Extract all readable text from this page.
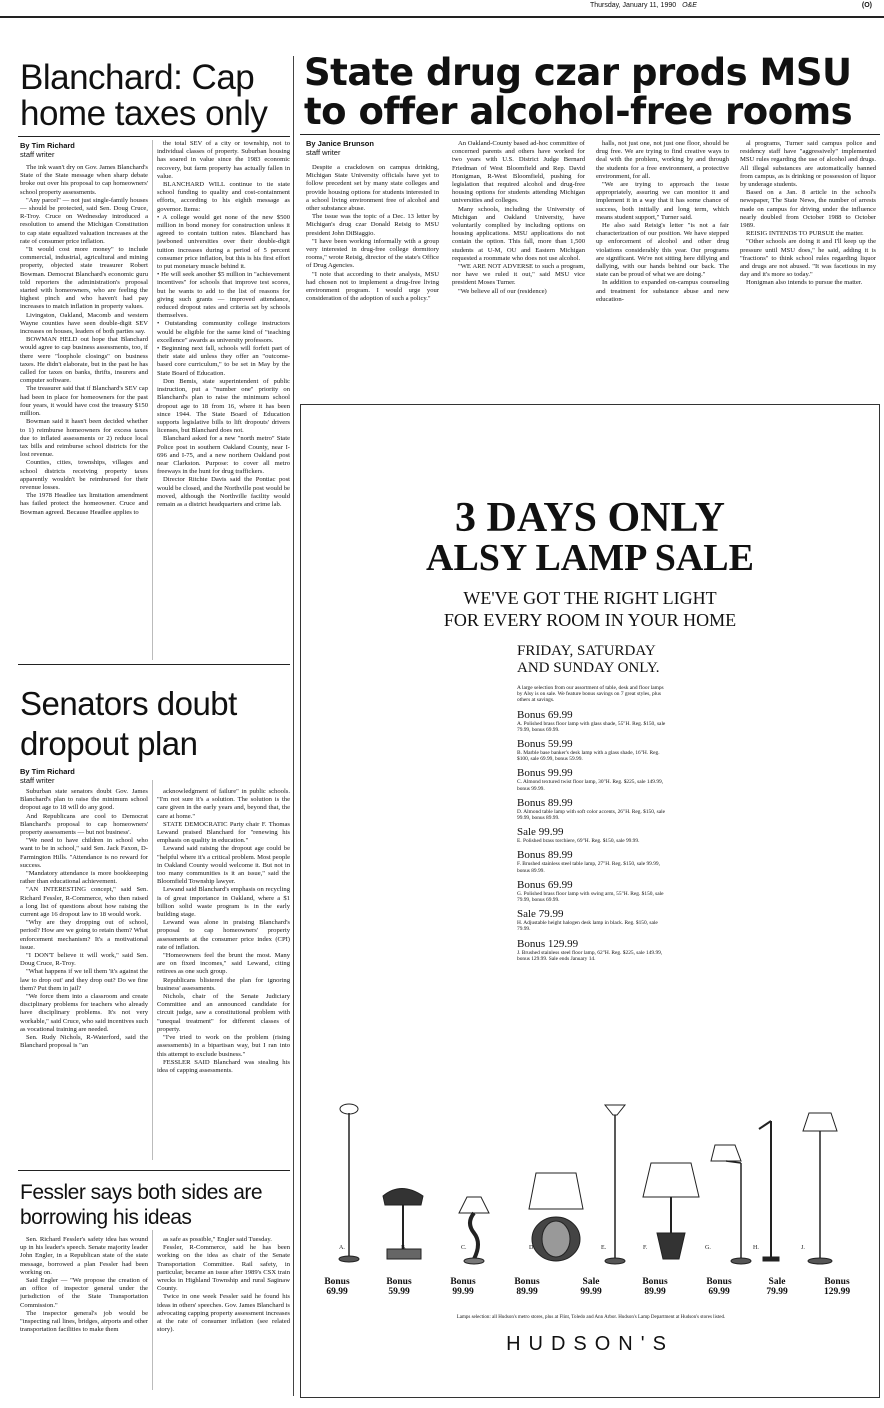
Thursday, January 11, 1990 O&E	(O)
Blanchard: Cap home taxes only
By Tim Richard
staff writer

The ink wasn't dry on Gov. James Blanchard's State of the State message when sharp debate broke out over his proposal to cap homeowners' school property assessments.

"Any parcel" — not just single-family houses — should be protected, said Sen. Doug Cruce, R-Troy. Cruce on Wednesday introduced a resolution to amend the Michigan Constitution to cap state equalized valuation increases at the rate of consumer price inflation.

"It would cost more money" to include commercial, industrial, agricultural and mining property, objected state treasurer Robert Bowman. Democrat Blanchard's economic guru told reporters the administration's proposal started with homeowners, who are feeling the highest pinch and who haven't had pay increases to match inflation in property values.

Livingston, Oakland, Macomb and western Wayne counties have seen double-digit SEV increases on houses, leaders of both parties say.

BOWMAN HELD out hope that Blanchard would agree to cap business assessments, too, if there were "loophole closings" on business taxes. He didn't elaborate, but in the past he has called for taxes on banks, thrifts, insurers and computer software.

The treasurer said that if Blanchard's SEV cap had been in place for homeowners for the past four years, it would have cost the treasury $150 million.

Bowman said it hasn't been decided whether to 1) reimburse homeowners for excess taxes due to inflated assessments or 2) reduce local tax bills and reimburse school districts for the lost revenue.

Counties, cities, townships, villages and school districts receiving property taxes apparently wouldn't be reimbursed for their revenue losses.

The 1978 Headlee tax limitation amendment has failed protect the homeowner. Cruce and Bowman agreed. Because Headlee applies to

the total SEV of a city or township, not to individual classes of property. Suburban housing has soared in value since the 1983 economic recovery, but farm property has actually fallen in value.

BLANCHARD WILL continue to tie state school funding to quality and cost-containment efforts, according to his eighth message as governor. Items:

• A college would get none of the new $500 million in bond money for construction unless it agreed to contain tuition rates. Blanchard has jawboned universities over their double-digit tuition increases during a period of 5 percent consumer price inflation, but this is his first effort to put monetary muscle behind it.

• He will seek another $5 million in "achievement incentives" for schools that improve test scores, but he wants to add to the list of reasons for giving such grants — improved attendance, reduced dropout rates and criteria set by schools themselves.

• Outstanding community college instructors would be eligible for the same kind of "teaching excellence" awards as university professors.

• Beginning next fall, schools will forfeit part of their state aid unless they offer an "outcome-based core curriculum," to be set in May by the State Board of Education.

Don Bemis, state superintendent of public instruction, put a "number one" priority on Blanchard's plan to raise the minimum school dropout age to 18 from 16, where it has been since 1944. The State Board of Education supports legislative bills to lift dropouts' drivers licenses, but Blanchard does not.

Blanchard asked for a new "north metro" State Police post in southern Oakland County, near I-696 and I-75, and a new northern Oakland post near Clarkston. Purpose: to cover all metro freeways in the hunt for drug traffickers.

Director Ritchie Davis said the Pontiac post would be closed, and the Northville post would be moved, although the Northville facility would remain as a district headquarters and crime lab.

State drug czar prods MSU to offer alcohol-free rooms
By Janice Brunson
staff writer

Despite a crackdown on campus drinking, Michigan State University officials have yet to follow precedent set by many state colleges and provide housing options for students interested in a school living environment free of alcohol and other substance abuse.

The issue was the topic of a Dec. 13 letter by Michigan's drug czar Donald Reisig to MSU president John DiBiaggio.

"I have been working informally with a group very interested in drug-free college dormitory rooms," wrote Reisig, director of the state's Office of Drug Agencies.

"I note that according to their analysis, MSU had chosen not to implement a drug-free living environment program. I would urge your consideration of the adoption of such a policy."

An Oakland-County based ad-hoc committee of concerned parents and others have worked for two years with U.S. District Judge Bernard Friedman of West Bloomfield and Rep. David Honigman, R-West Bloomfield, pushing for legislation that required alcohol and drug-free housing options for students attending Michigan universities and colleges.

Many schools, including the University of Michigan and Oakland University, have voluntarily complied by including options on housing applications. MSU applications do not contain the option. This fall, more than 1,500 students at U-M, OU and Eastern Michigan requested a roommate who does not use alcohol.

"WE ARE NOT ADVERSE to such a program, nor have we ruled it out," said MSU vice president Moses Turner.

"We believe all of our (residence)

halls, not just one, not just one floor, should be drug free. We are trying to find creative ways to deal with the problem, working by and through the students for a free environment, a protective environment, for all.

"We are trying to approach the issue appropriately, assuring we can monitor it and implement it in a way that it has some chance of success, both initially and long term, which means student support," Turner said.

He also said Reisig's letter "is not a fair characterization of our position. We have stepped up enforcement of alcohol and other drug violations considerably this year. Our programs are significant. We're not sitting here dillying and dallying, with our hands behind our back. The state can be proud of what we are doing."

In addition to expanded on-campus counseling and treatment for substance abuse and new education-

al programs, Turner said campus police and residency staff have "aggressively" implemented MSU rules regarding the use of alcohol and drugs. All illegal substances are automatically banned from campus, as is drinking or possession of liquor by underage students.

Based on a Jan. 8 article in the school's newspaper, The State News, the number of arrests made on campus for driving under the influence nearly doubled from October 1988 to October 1989.

REISIG INTENDS TO PURSUE the matter.

"Other schools are doing it and I'll keep up the pressure until MSU does," he said, adding it is "fractions" to think school rules regarding liquor and drugs are not abused. "It was facetious in my day and it's more so today."

Honigman also intends to pursue the matter.

Senators doubt dropout plan
By Tim Richard
staff writer

Suburban state senators doubt Gov. James Blanchard's plan to raise the minimum school dropout age to 18 will do any good.

And Republicans are cool to Democrat Blanchard's proposal to cap homeowners' property assessments — but not business'.

"We need to have children in school who want to be in school," said Sen. Jack Faxon, D-Farmington Hills. "Attendance is no reward for success.

"Mandatory attendance is more bookkeeping rather than educational achievement.

"AN INTERESTING concept," said Sen. Richard Fessler, R-Commerce, who then raised a long list of questions about how raising the current age 16 dropout law to 18 would work.

"Why are they dropping out of school, period? How are we going to retain them? What enforcement mechanism? It's a motivational issue.

"I DON'T believe it will work," said Sen. Doug Cruce, R-Troy.

"What happens if we tell them 'it's against the law to drop out' and they drop out? Do we fine them? Put them in jail?

"We force them into a classroom and create disciplinary problems for teachers who already have disciplinary problems. It's not very workable," said Cruce, who said incentives such as vocational training are needed.

Sen. Rudy Nichols, R-Waterford, said the Blanchard proposal is "an

acknowledgment of failure" in public schools. "I'm not sure it's a solution. The solution is the care given in the early years and, beyond that, the care at home."

STATE DEMOCRATIC Party chair F. Thomas Lewand praised Blanchard for "renewing his emphasis on quality in education."

Lewand said raising the dropout age could be "helpful where it's a critical problem. Most people in Oakland County would welcome it. But not in too many communities is it an issue," said the Bloomfield Township lawyer.

Lewand said Blanchard's emphasis on recycling is of great importance in Oakland, where a $1 billion solid waste program is in the early building stage.

Lewand was alone in praising Blanchard's proposal to cap homeowners' property assessments at the consumer price index (CPI) rate of inflation.

"Homeowners feel the brunt the most. Many are on fixed incomes," said Lewand, citing retirees as one such group.

Republicans blistered the plan for ignoring business' assessments.

Nichols, chair of the Senate Judiciary Committee and an announced candidate for circuit judge, saw a constitutional problem with "unequal treatment" for different classes of property.

"I've tried to work on the problem (rising assessments) in a bipartisan way, but I ran into this attempt to exclude business."

FESSLER SAID Blanchard was stealing his idea of capping assessments.

Fessler says both sides are borrowing his ideas

Sen. Richard Fessler's safety idea has wound up in his leader's speech. Senate majority leader John Engler, in a Republican state of the state message, borrowed a plan Fessler had been working on.

Said Engler — "We propose the creation of an office of inspector general under the jurisdiction of the State Transportation Commission."

The inspector general's job would be "inspecting rail lines, bridges, airports and other transportation facilities to make them

as safe as possible," Engler said Tuesday.

Fessler, R-Commerce, said he has been working on the idea as chair of the Senate Transportation Committee. Rail safety, in particular, became an issue after 1989's CSX train wrecks in Highland Township and rural Saginaw County.

Twice in one week Fessler said he found his ideas in others' speeches. Gov. James Blanchard is advocating capping property assessment increases at the rate of consumer inflation (see related story).

3 DAYS ONLY
ALSY LAMP SALE
WE'VE GOT THE RIGHT LIGHT
FOR EVERY ROOM IN YOUR HOME
FRIDAY, SATURDAY
AND SUNDAY ONLY.
A large selection from our assortment of table, desk and floor lamps by Alsy is on sale. We feature bonus savings on 7 great styles, plus others at savings.
Bonus 69.99
A. Polished brass floor lamp with glass shade, 55"H. Reg. $150, sale 79.99, bonus 69.99.
Bonus 59.99
B. Marble base banker's desk lamp with a glass shade, 16"H. Reg. $100, sale 69.99, bonus 59.99.
Bonus 99.99
C. Almond textured twist floor lamp, 30"H. Reg. $225, sale 149.99, bonus 99.99.
Bonus 89.99
D. Almond table lamp with soft color accents, 26"H. Reg. $150, sale 99.99, bonus 89.99.
Sale 99.99
E. Polished brass torchiere, 69"H. Reg. $150, sale 99.99.
Bonus 89.99
F. Brushed stainless steel table lamp, 27"H. Reg. $150, sale 99.99, bonus 89.99.
Bonus 69.99
G. Polished brass floor lamp with swing arm, 55"H. Reg. $150, sale 79.99, bonus 69.99.
Sale 79.99
H. Adjustable height halogen desk lamp in black. Reg. $150, sale 79.99.
Bonus 129.99
J. Brushed stainless steel floor lamp, 62"H. Reg. $225, sale 149.99, bonus 129.99. Sale ends January 14.
A.	B.	C.	D.	E.	F.	G.	H.	J.
Bonus
69.99
Bonus
59.99
Bonus
99.99
Bonus
89.99
Sale
99.99
Bonus
89.99
Bonus
69.99
Sale
79.99
Bonus
129.99
Lamps selection: all Hudson's metro stores, plus at Flint, Toledo and Ann Arbor. Hudson's Lamp Department at Hudson's stores listed.
HUDSON'S
